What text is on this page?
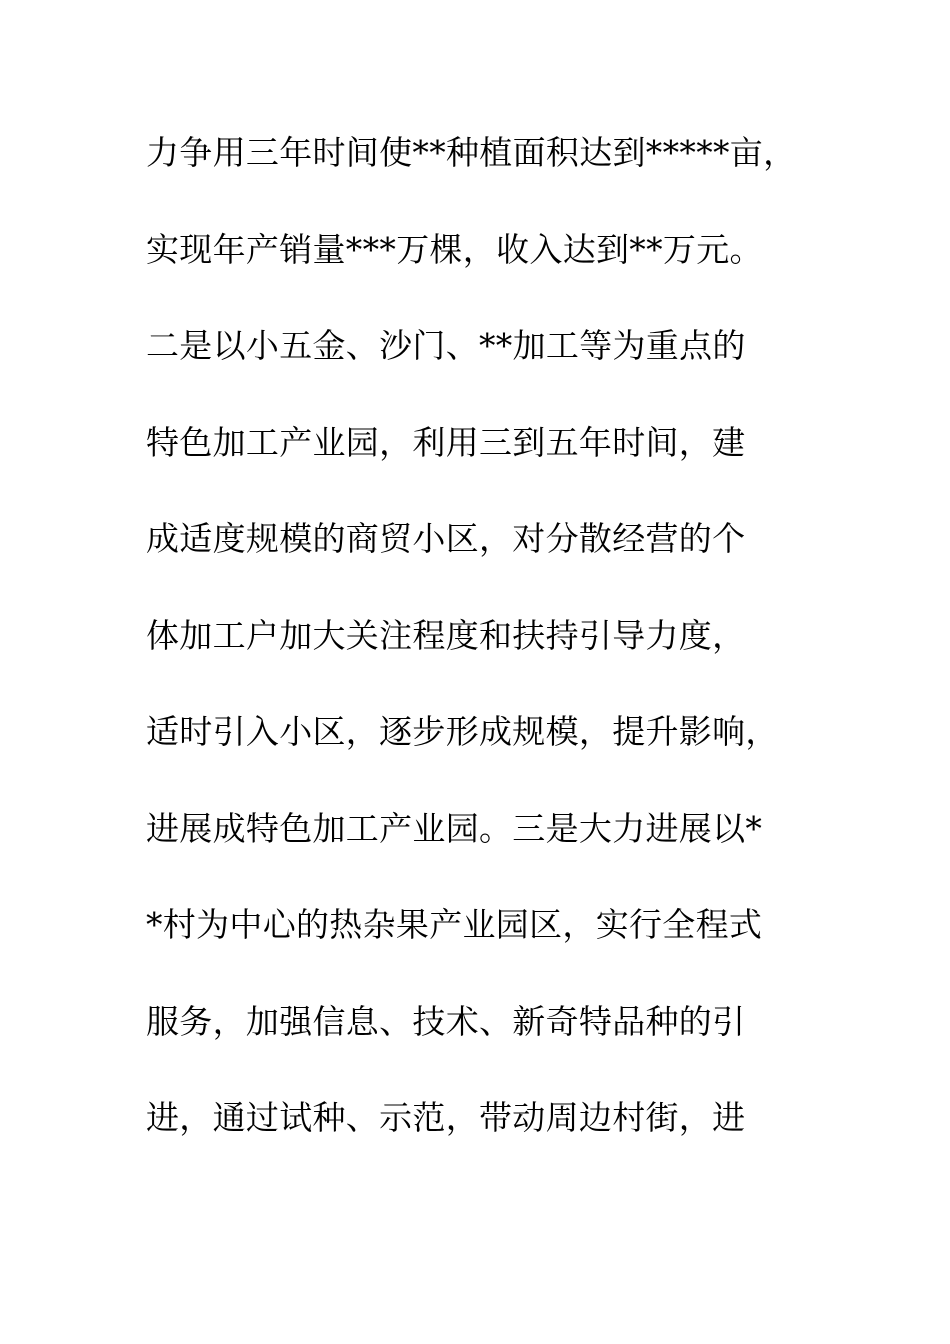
力争用三年时间使**种植面积达到*****亩，
实现年产销量***万棵，收入达到**万元。
二是以小五金、沙门、**加工等为重点的
特色加工产业园，利用三到五年时间，建
成适度规模的商贸小区，对分散经营的个
体加工户加大关注程度和扶持引导力度，
适时引入小区，逐步形成规模，提升影响，
进展成特色加工产业园。三是大力进展以*
*村为中心的热杂果产业园区，实行全程式
服务，加强信息、技术、新奇特品种的引
进，通过试种、示范，带动周边村街，进
